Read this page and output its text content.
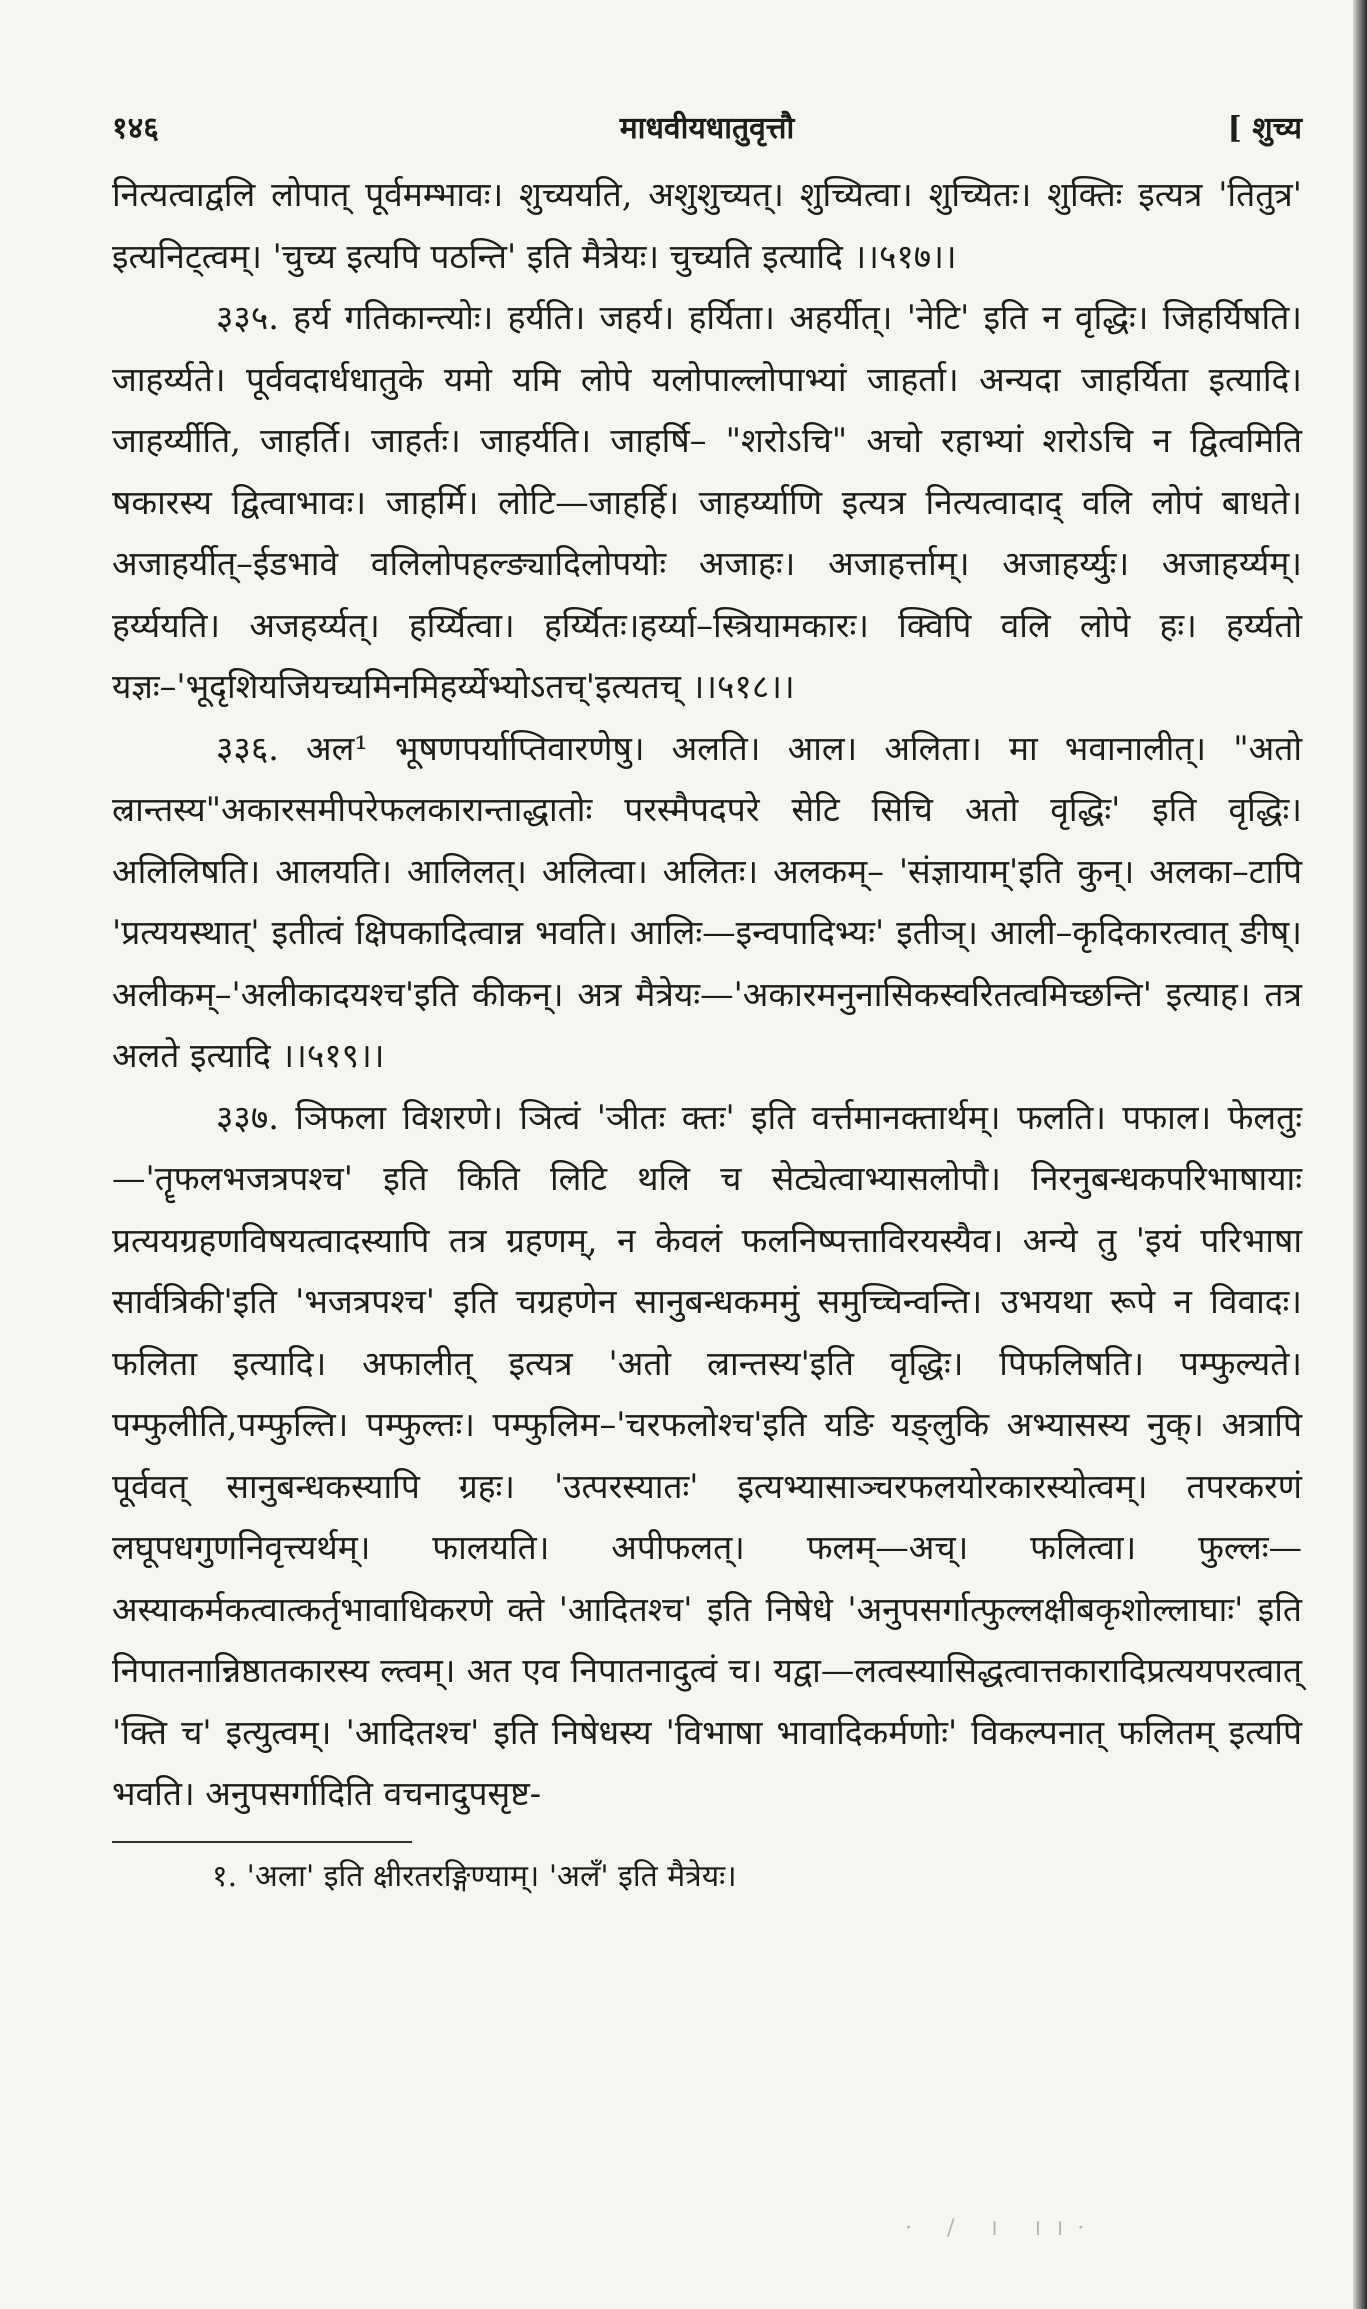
१४६	माधवीयधातुवृत्तौ	[ शुच्य

नित्यत्वाद्वलि लोपात् पूर्वमम्भावः। शुच्ययति, अशुशुच्यत्। शुच्यित्वा। शुच्यितः। शुक्तिः इत्यत्र 'तितुत्र' इत्यनिट्त्वम्। 'चुच्य इत्यपि पठन्ति' इति मैत्रेयः। चुच्यति इत्यादि ।।५१७।।

३३५. हर्य गतिकान्त्योः। हर्यति। जहर्य। हर्यिता। अहर्यीत्। 'नेटि' इति न वृद्धिः। जिहर्यिषति। जाहर्य्यते। पूर्ववदार्धधातुके यमो यमि लोपे यलोपाल्लोपाभ्यां जाहर्ता। अन्यदा जाहर्यिता इत्यादि। जाहर्य्यीति, जाहर्ति। जाहर्तः। जाहर्यति। जाहर्षि– "शरोऽचि" अचो रहाभ्यां शरोऽचि न द्वित्वमिति षकारस्य द्वित्वाभावः। जाहर्मि। लोटि—जाहर्हि। जाहर्य्याणि इत्यत्र नित्यत्वादाद् वलि लोपं बाधते। अजाहर्यीत्–ईडभावे वलिलोपहल्ङ्यादिलोपयोः अजाहः। अजाहर्त्ताम्। अजाहर्य्युः। अजाहर्य्यम्। हर्य्ययति। अजहर्य्यत्। हर्य्यित्वा। हर्य्यितः।हर्य्या–स्त्रियामकारः। क्विपि वलि लोपे हः। हर्य्यतो यज्ञः–'भूदृशियजियच्यमिनमिहर्य्येभ्योऽतच्'इत्यतच् ।।५१८।।

३३६. अल¹ भूषणपर्याप्तिवारणेषु। अलति। आल। अलिता। मा भवानालीत्। "अतो ल्रान्तस्य"अकारसमीपरेफलकारान्ताद्धातोः परस्मैपदपरे सेटि सिचि अतो वृद्धिः' इति वृद्धिः। अलिलिषति। आलयति। आलिलत्। अलित्वा। अलितः। अलकम्– 'संज्ञायाम्'इति कुन्। अलका–टापि 'प्रत्ययस्थात्' इतीत्वं क्षिपकादित्वान्न भवति। आलिः—इन्वपादिभ्यः' इतीञ्। आली–कृदिकारत्वात् ङीष्। अलीकम्–'अलीकादयश्च'इति कीकन्। अत्र मैत्रेयः—'अकारमनुनासिकस्वरितत्वमिच्छन्ति' इत्याह। तत्र अलते इत्यादि ।।५१९।।

३३७. ञिफला विशरणे। ञित्वं 'ञीतः क्तः' इति वर्त्तमानक्तार्थम्। फलति। पफाल। फेलतुः—'तॄफलभजत्रपश्च' इति किति लिटि थलि च सेट्येत्वाभ्यासलोपौ। निरनुबन्धकपरिभाषायाः प्रत्ययग्रहणविषयत्वादस्यापि तत्र ग्रहणम्, न केवलं फलनिष्पत्ताविरयस्यैव। अन्ये तु 'इयं परिभाषा सार्वत्रिकी'इति 'भजत्रपश्च' इति चग्रहणेन सानुबन्धकममुं समुच्चिन्वन्ति। उभयथा रूपे न विवादः। फलिता इत्यादि। अफालीत् इत्यत्र 'अतो ल्रान्तस्य'इति वृद्धिः। पिफलिषति। पम्फुल्यते। पम्फुलीति,पम्फुल्ति। पम्फुल्तः। पम्फुलिम–'चरफलोश्च'इति यङि यङ्लुकि अभ्यासस्य नुक्। अत्रापि पूर्ववत् सानुबन्धकस्यापि ग्रहः। 'उत्परस्यातः' इत्यभ्यासाञ्चरफलयोरकारस्योत्वम्। तपरकरणं लघूपधगुणनिवृत्त्यर्थम्। फालयति। अपीफलत्। फलम्—अच्। फलित्वा। फुल्लः—अस्याकर्मकत्वात्कर्तृभावाधिकरणे क्ते 'आदितश्च' इति निषेधे 'अनुपसर्गात्फुल्लक्षीबकृशोल्लाघाः' इति निपातनान्निष्ठातकारस्य ल्त्वम्। अत एव निपातनादुत्वं च। यद्वा—लत्वस्यासिद्धत्वात्तकारादिप्रत्ययपरत्वात् 'क्ति च' इत्युत्वम्। 'आदितश्च' इति निषेधस्य 'विभाषा भावादिकर्मणोः' विकल्पनात् फलितम् इत्यपि भवति। अनुपसर्गादिति वचनादुपसृष्ट-

१. 'अला' इति क्षीरतरङ्गिण्याम्। 'अलँ' इति मैत्रेयः।
· / । ।।·
